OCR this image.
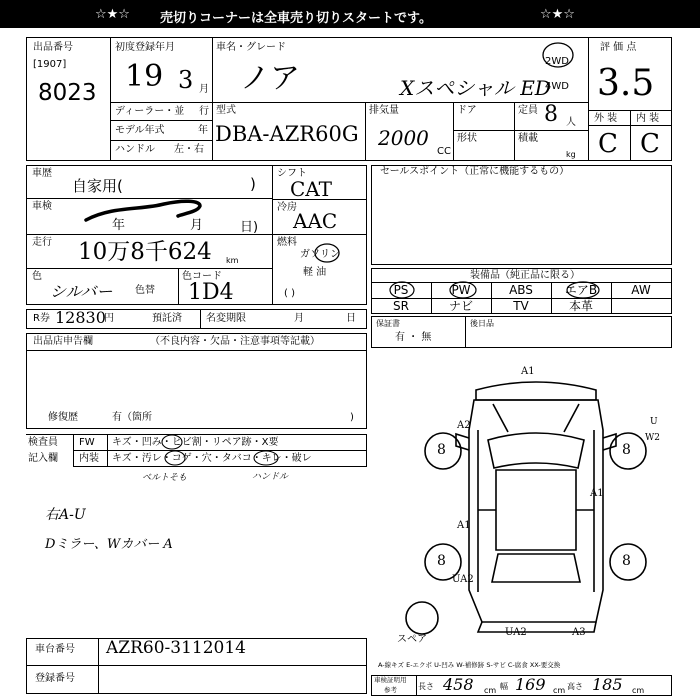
☆★☆ 売切りコーナーは全車売り切りスタートです。	☆★☆
出品番号
[1907]
8023
初度登録年月
19 3 月
車名・グレード
ノア	Xスペシャル ED
2WD
4WD
評 価 点
3.5
ディーラー・並 行
モデル年式	年
ハンドル 左・右
型式
DBA-AZR60G
排気量
2000
CC
ドア
形状
定員 8 人
積載
kg
外 装 内 装
C C
車歴
自家用(	)
車検
年	月	日)
走行 10万8千624 km
色
シルバー 色替
色コード
1D4
シフト
CAT
冷房
AAC
燃料
ガソリン
軽 油
( )
セールスポイント（正常に機能するもの）
装備品（純正品に限る）
PS	PW	ABS	エアB	AW
SR	ナビ	TV	本革
R券 12830
円	預託済 名変期限	月	日	保証書
有 ・ 無
後日品
出品店申告欄	（不良内容・欠品・注意事項等記載）
修復歴	有（箇所	)
検査員
記入欄
FW キズ・凹み・ヒビ割・リペア跡・X要
内装 キズ・汚レ・コゲ・穴・タバコ・キレ・破レ
ベルトそも	ハンドル
右A-U
Dミラー、Wカバー A
8	8
8	8
A1
A2	U
W2
A1
A1
UA2
UA2	A3
スペア
A-線キズ E-エクボ U-凹み W-補修跡 S-サビ C-腐食 XX-要交換
車台番号 AZR60-3112014
登録番号	車検証明用
参考	長さ 458 cm 幅 169 cm 高さ 185 cm
